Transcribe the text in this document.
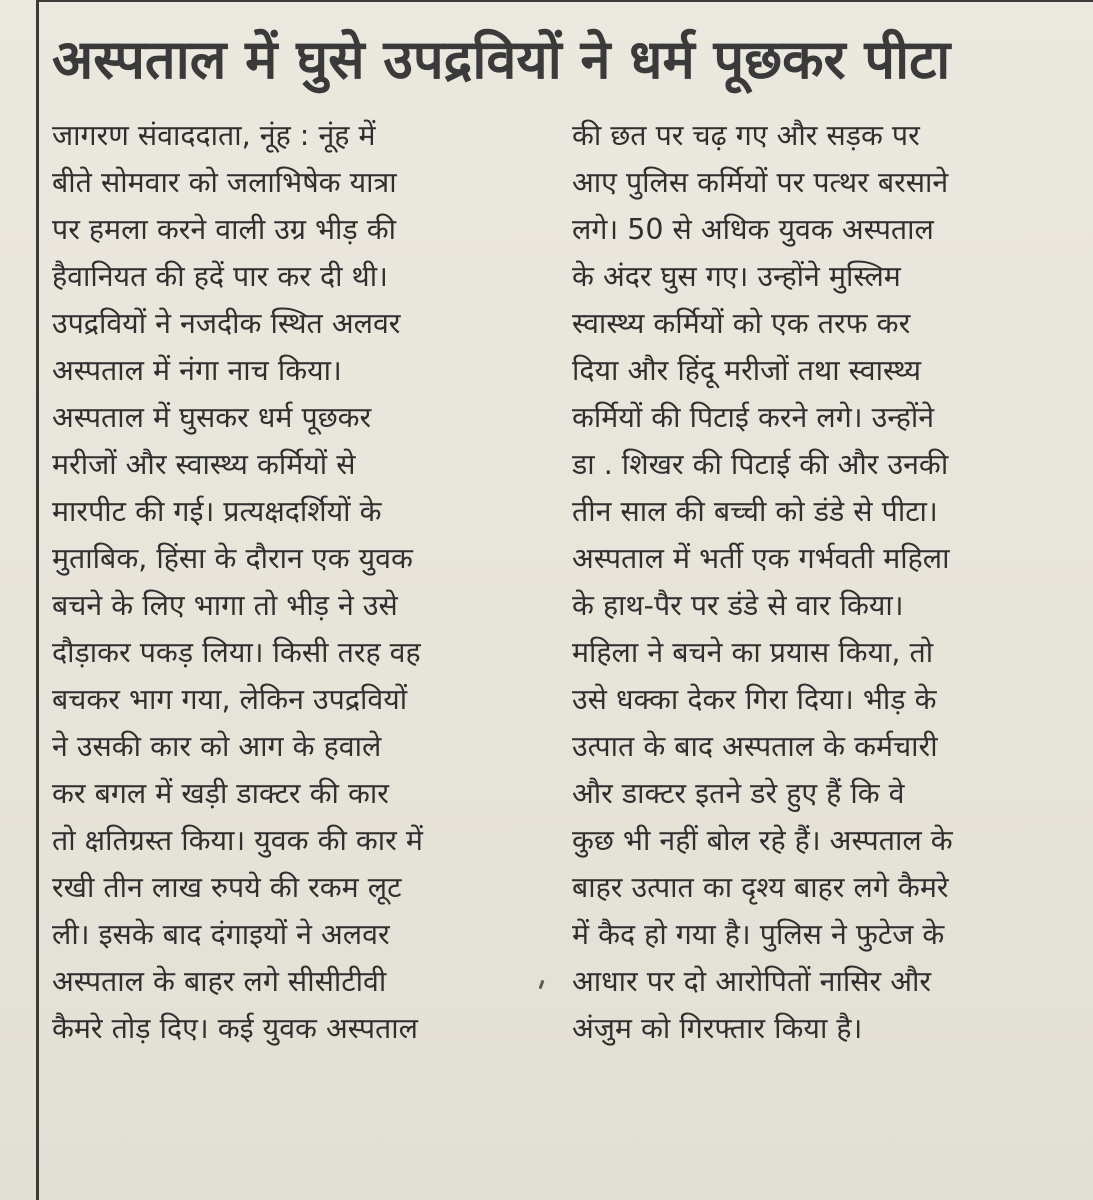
अस्पताल में घुसे उपद्रवियों ने धर्म पूछकर पीटा
जागरण संवाददाता, नूंह : नूंह में
बीते सोमवार को जलाभिषेक यात्रा
पर हमला करने वाली उग्र भीड़ की
हैवानियत की हदें पार कर दी थी।
उपद्रवियों ने नजदीक स्थित अलवर
अस्पताल में नंगा नाच किया।
अस्पताल में घुसकर धर्म पूछकर
मरीजों और स्वास्थ्य कर्मियों से
मारपीट की गई। प्रत्यक्षदर्शियों के
मुताबिक, हिंसा के दौरान एक युवक
बचने के लिए भागा तो भीड़ ने उसे
दौड़ाकर पकड़ लिया। किसी तरह वह
बचकर भाग गया, लेकिन उपद्रवियों
ने उसकी कार को आग के हवाले
कर बगल में खड़ी डाक्टर की कार
तो क्षतिग्रस्त किया। युवक की कार में
रखी तीन लाख रुपये की रकम लूट
ली। इसके बाद दंगाइयों ने अलवर
अस्पताल के बाहर लगे सीसीटीवी
कैमरे तोड़ दिए। कई युवक अस्पताल
की छत पर चढ़ गए और सड़क पर
आए पुलिस कर्मियों पर पत्थर बरसाने
लगे। 50 से अधिक युवक अस्पताल
के अंदर घुस गए। उन्होंने मुस्लिम
स्वास्थ्य कर्मियों को एक तरफ कर
दिया और हिंदू मरीजों तथा स्वास्थ्य
कर्मियों की पिटाई करने लगे। उन्होंने
डा . शिखर की पिटाई की और उनकी
तीन साल की बच्ची को डंडे से पीटा।
अस्पताल में भर्ती एक गर्भवती महिला
के हाथ-पैर पर डंडे से वार किया।
महिला ने बचने का प्रयास किया, तो
उसे धक्का देकर गिरा दिया। भीड़ के
उत्पात के बाद अस्पताल के कर्मचारी
और डाक्टर इतने डरे हुए हैं कि वे
कुछ भी नहीं बोल रहे हैं। अस्पताल के
बाहर उत्पात का दृश्य बाहर लगे कैमरे
में कैद हो गया है। पुलिस ने फुटेज के
आधार पर दो आरोपितों नासिर और
अंजुम को गिरफ्तार किया है।
